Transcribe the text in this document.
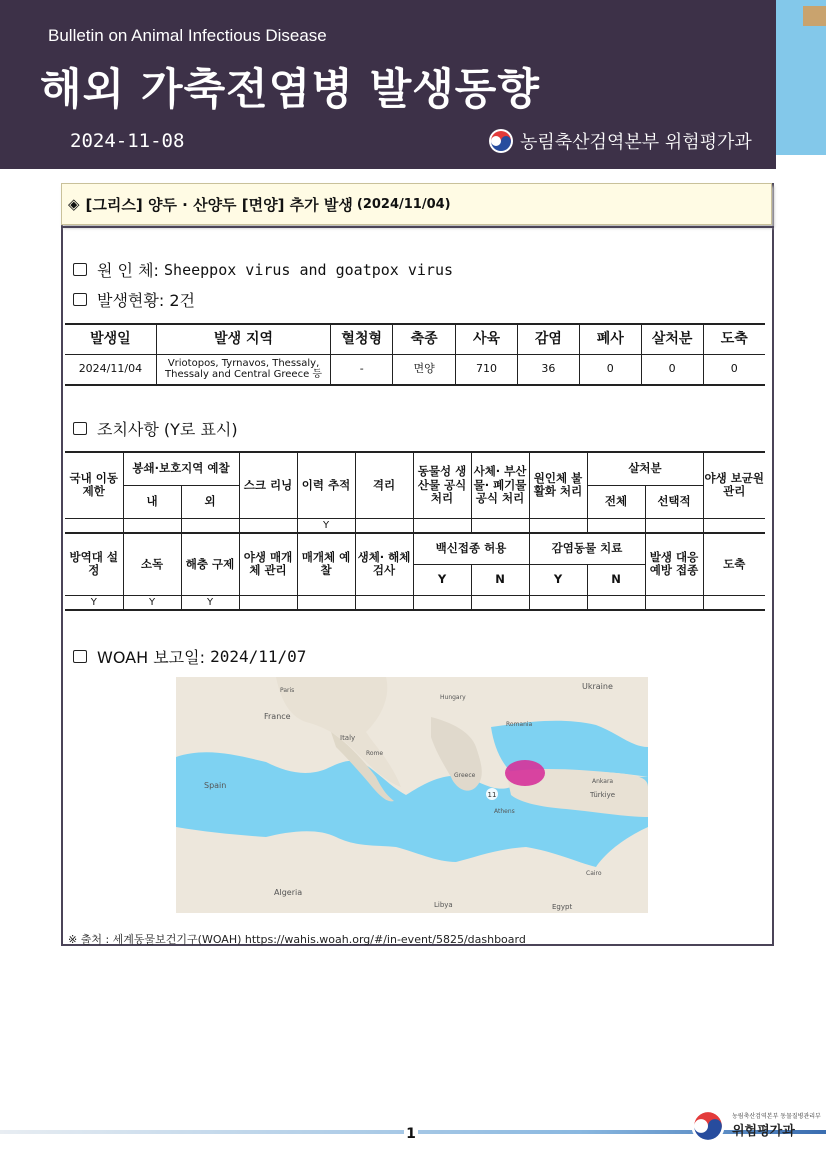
Bulletin on Animal Infectious Disease
해외 가축전염병 발생동향
2024-11-08	농림축산검역본부 위험평가과
◈ [그리스] 양두 · 산양두 [면양] 추가 발생 (2024/11/04)
원 인 체:
Sheeppox virus and goatpox virus
발생현황:
2건
발생일	발생 지역	혈청형	축종	사육	감염	폐사	살처분	도축
2024/11/04	Vriotopos, Tyrnavos, Thessaly, Thessaly and Central Greece 등	-	면양	710	36	0	0	0
조치사항 (Y로 표시)
국내 이동 제한	봉쇄·보호지역 예찰		스크 리닝	이력 추적	격리	동물성 생산물 공식 처리	사체· 부산물· 폐기물 공식 처리	원인체 불활화 처리	살처분		야생 보균원 관리
	내	외							전체	선택적	
				Y							
방역대 설정	소독	해충 구제	야생 매개체 관리	매개체 예찰	생체· 해체 검사	백신접종 허용		감염동물 치료		발생 대응 예방 접종	도축
						Y	N	Y	N		
Y	Y	Y									
WOAH 보고일:
2024/11/07
11
Ukraine
France
Italy
Spain
Algeria
Libya	Egypt
Türkiye
Greece
Romania
Hungary
Paris
Rome
Athens
Cairo
Ankara
※ 출처 : 세계동물보건기구(WOAH) https://wahis.woah.org/#/in-event/5825/dashboard
1
농림축산검역본부 동물질병관리부
위험평가과
